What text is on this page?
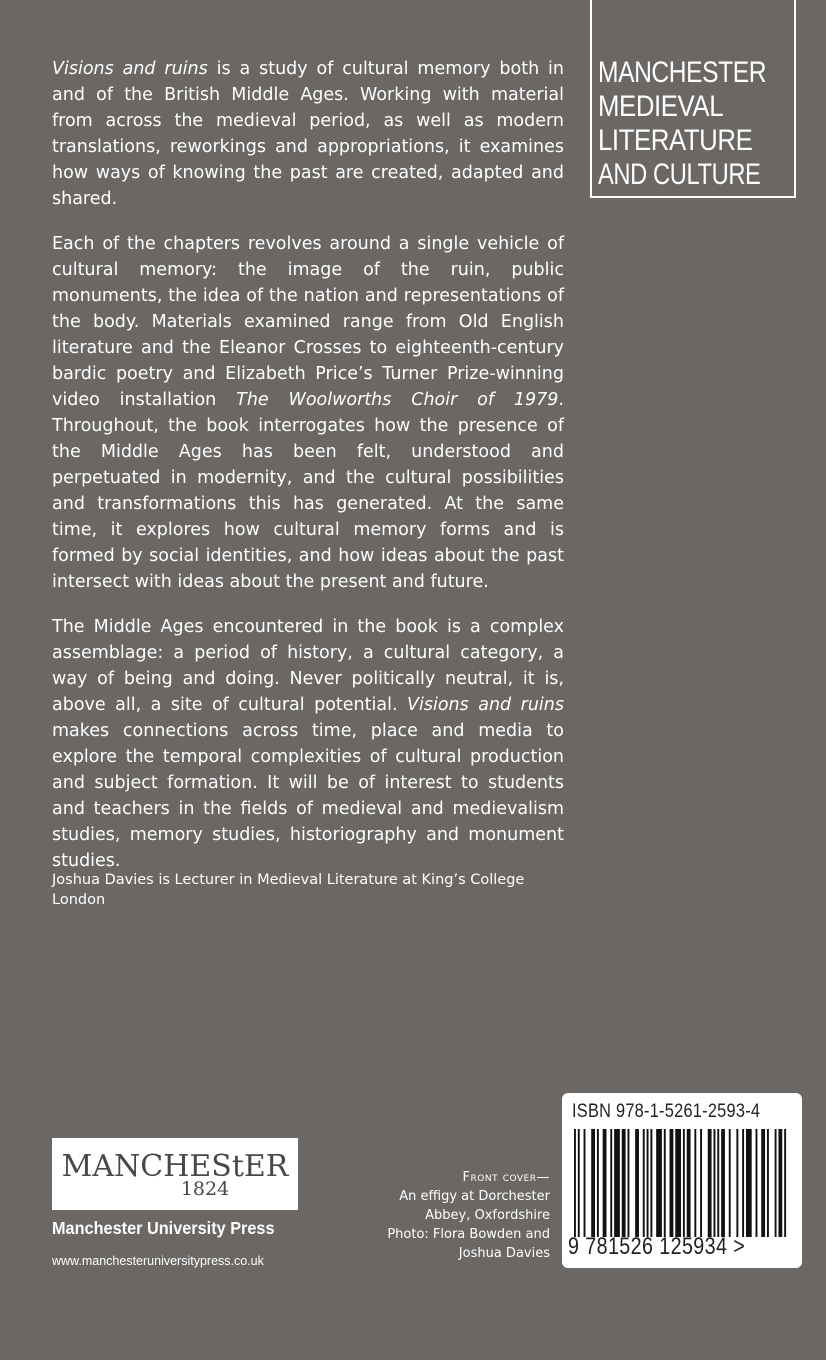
MANCHESTER
MEDIEVAL
LITERATURE
AND CULTURE

Visions and ruins is a study of cultural memory both in and of the British Middle Ages. Working with material from across the medieval period, as well as modern translations, reworkings and appropriations, it examines how ways of knowing the past are created, adapted and shared.

Each of the chapters revolves around a single vehicle of cultural memory: the image of the ruin, public monuments, the idea of the nation and representations of the body. Materials examined range from Old English literature and the Eleanor Crosses to eighteenth-century bardic poetry and Elizabeth Price’s Turner Prize-winning video installation The Woolworths Choir of 1979. Throughout, the book interrogates how the presence of the Middle Ages has been felt, understood and perpetuated in modernity, and the cultural possibilities and transformations this has generated. At the same time, it explores how cultural memory forms and is formed by social identities, and how ideas about the past intersect with ideas about the present and future.

The Middle Ages encountered in the book is a complex assemblage: a period of history, a cultural category, a way of being and doing. Never politically neutral, it is, above all, a site of cultural potential. Visions and ruins makes connections across time, place and media to explore the temporal complexities of cultural production and subject formation. It will be of interest to students and teachers in the fields of medieval and medievalism studies, memory studies, historiography and monument studies.

Joshua Davies is Lecturer in Medieval Literature at King’s College London
MANCHEStER
1824
Manchester University Press
www.manchesteruniversitypress.co.uk
Front cover—
An effigy at Dorchester
Abbey, Oxfordshire
Photo: Flora Bowden and
Joshua Davies
ISBN 978-1-5261-2593-4
9 781526 125934 >
